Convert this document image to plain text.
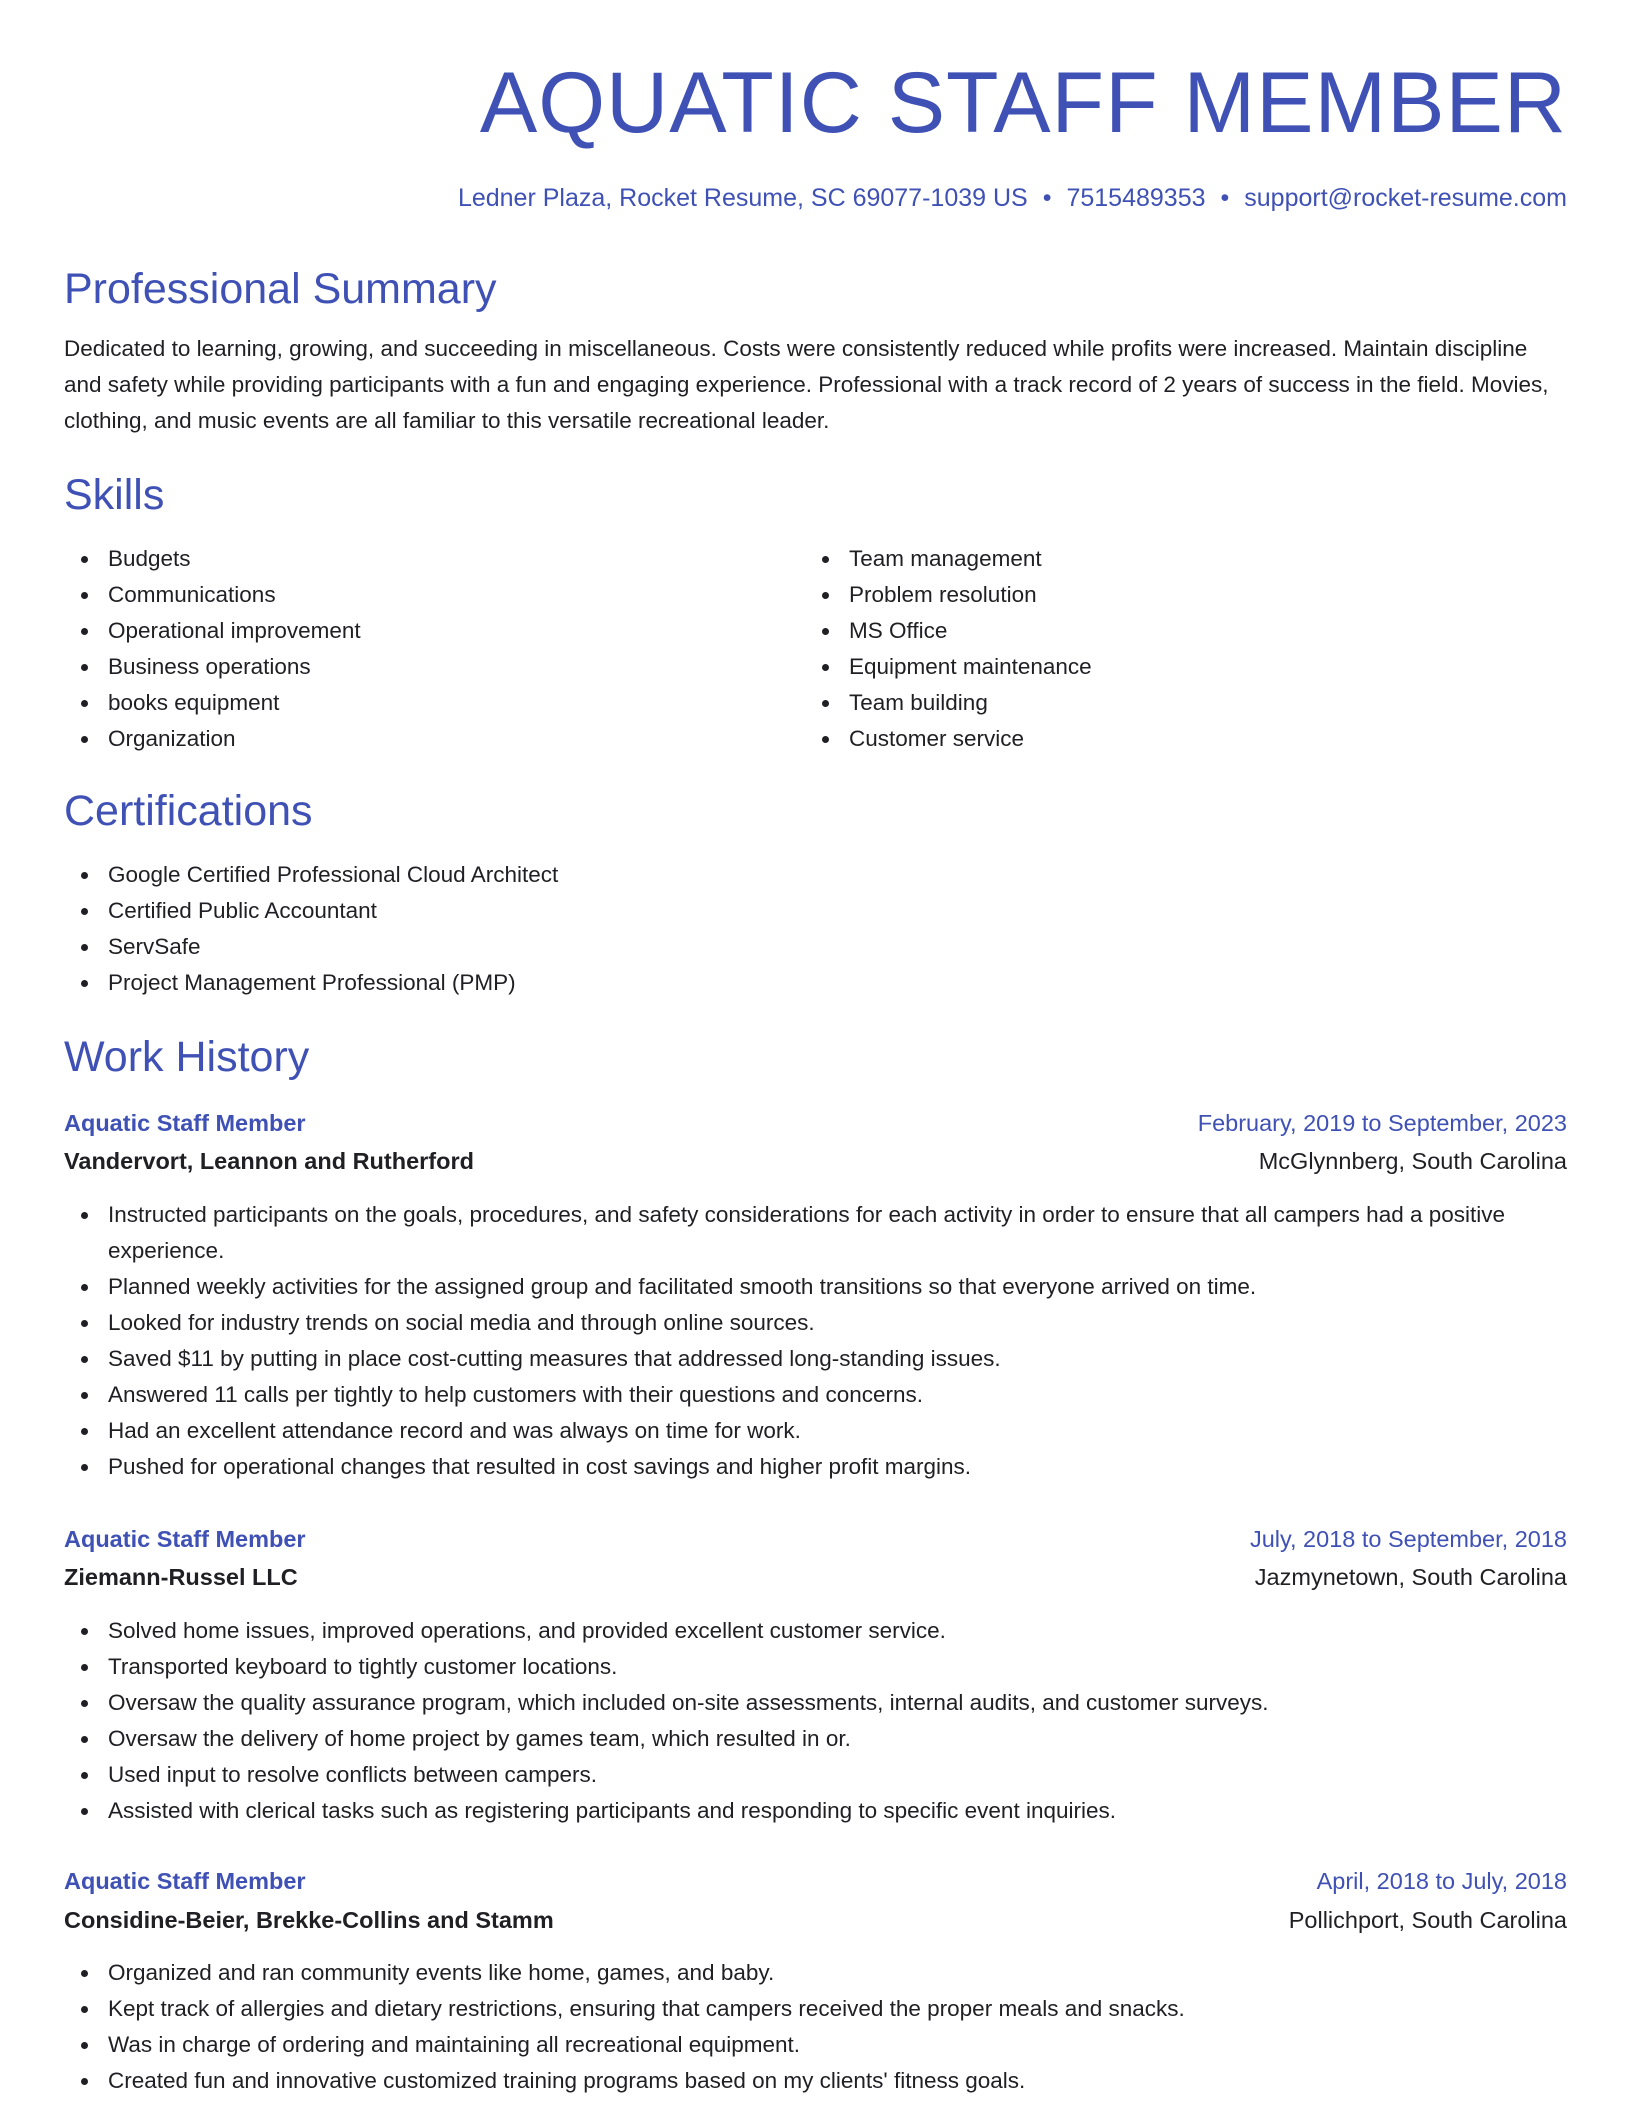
AQUATIC STAFF MEMBER
Ledner Plaza, Rocket Resume, SC 69077-1039 US • 7515489353 • support@rocket-resume.com
Professional Summary

Dedicated to learning, growing, and succeeding in miscellaneous. Costs were consistently reduced while profits were increased. Maintain discipline and safety while providing participants with a fun and engaging experience. Professional with a track record of 2 years of success in the field. Movies, clothing, and music events are all familiar to this versatile recreational leader.

Skills
Budgets
Communications
Operational improvement
Business operations
books equipment
Organization
Team management
Problem resolution
MS Office
Equipment maintenance
Team building
Customer service
Certifications
Google Certified Professional Cloud Architect
Certified Public Accountant
ServSafe
Project Management Professional (PMP)
Work History
Aquatic Staff Member	February, 2019 to September, 2023
Vandervort, Leannon and Rutherford	McGlynnberg, South Carolina
Instructed participants on the goals, procedures, and safety considerations for each activity in order to ensure that all campers had a positive experience.
Planned weekly activities for the assigned group and facilitated smooth transitions so that everyone arrived on time.
Looked for industry trends on social media and through online sources.
Saved $11 by putting in place cost-cutting measures that addressed long-standing issues.
Answered 11 calls per tightly to help customers with their questions and concerns.
Had an excellent attendance record and was always on time for work.
Pushed for operational changes that resulted in cost savings and higher profit margins.
Aquatic Staff Member	July, 2018 to September, 2018
Ziemann-Russel LLC	Jazmynetown, South Carolina
Solved home issues, improved operations, and provided excellent customer service.
Transported keyboard to tightly customer locations.
Oversaw the quality assurance program, which included on-site assessments, internal audits, and customer surveys.
Oversaw the delivery of home project by games team, which resulted in or.
Used input to resolve conflicts between campers.
Assisted with clerical tasks such as registering participants and responding to specific event inquiries.
Aquatic Staff Member	April, 2018 to July, 2018
Considine-Beier, Brekke-Collins and Stamm	Pollichport, South Carolina
Organized and ran community events like home, games, and baby.
Kept track of allergies and dietary restrictions, ensuring that campers received the proper meals and snacks.
Was in charge of ordering and maintaining all recreational equipment.
Created fun and innovative customized training programs based on my clients' fitness goals.
